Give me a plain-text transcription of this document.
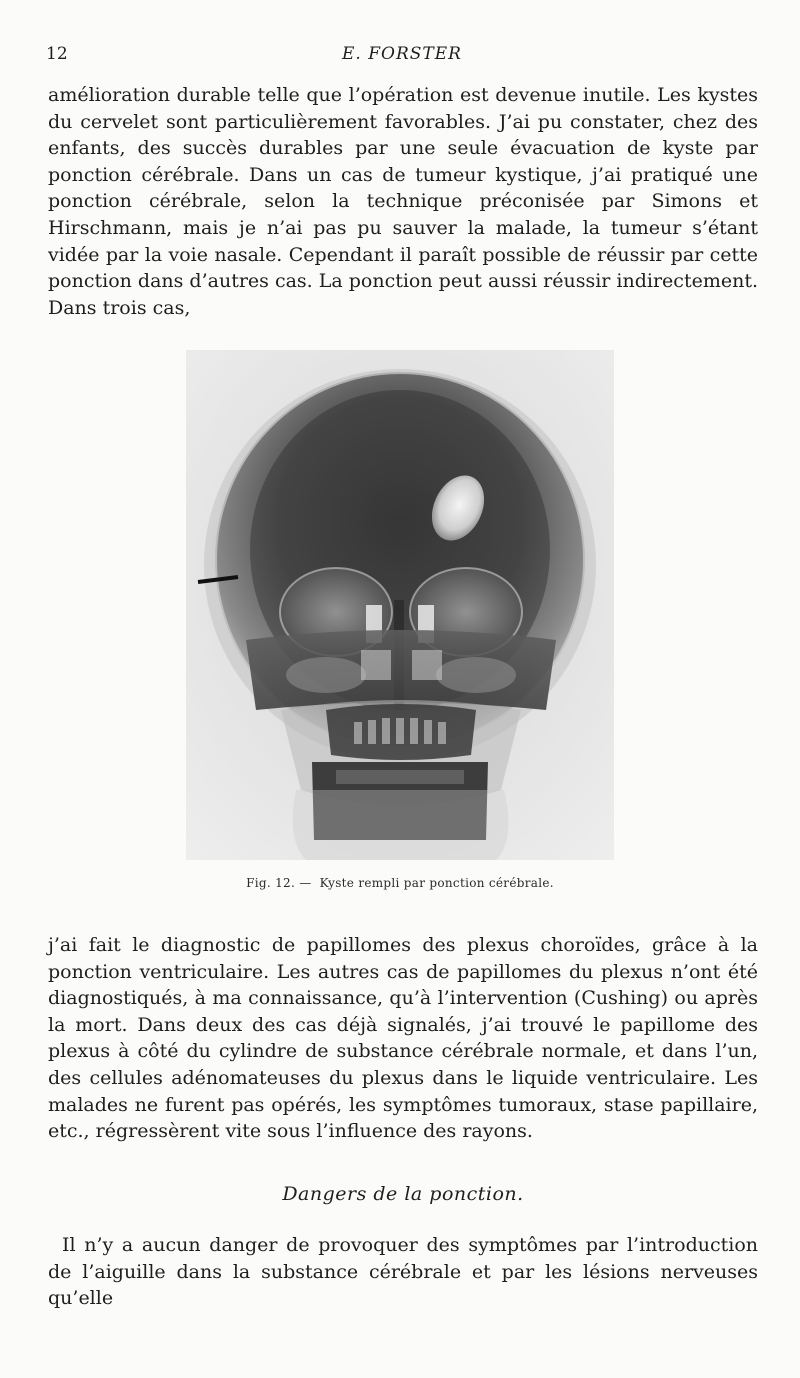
12	E. FORSTER

amélioration durable telle que l’opération est devenue inutile. Les kystes du cervelet sont particulièrement favorables. J’ai pu constater, chez des enfants, des succès durables par une seule évacuation de kyste par ponction cérébrale. Dans un cas de tumeur kystique, j’ai pratiqué une ponction cérébrale, selon la technique préconisée par Simons et Hirschmann, mais je n’ai pas pu sauver la malade, la tumeur s’étant vidée par la voie nasale. Cependant il paraît possible de réussir par cette ponction dans d’autres cas. La ponction peut aussi réussir indirectement. Dans trois cas,

Fig. 12. — Kyste rempli par ponction cérébrale.

j’ai fait le diagnostic de papillomes des plexus choroïdes, grâce à la ponction ventriculaire. Les autres cas de papillomes du plexus n’ont été diagnostiqués, à ma connaissance, qu’à l’intervention (Cushing) ou après la mort. Dans deux des cas déjà signalés, j’ai trouvé le papillome des plexus à côté du cylindre de substance cérébrale normale, et dans l’un, des cellules adénomateuses du plexus dans le liquide ventriculaire. Les malades ne furent pas opérés, les symptômes tumoraux, stase papillaire, etc., régressèrent vite sous l’influence des rayons.

Dangers de la ponction.

Il n’y a aucun danger de provoquer des symptômes par l’introduction de l’aiguille dans la substance cérébrale et par les lésions nerveuses qu’elle
